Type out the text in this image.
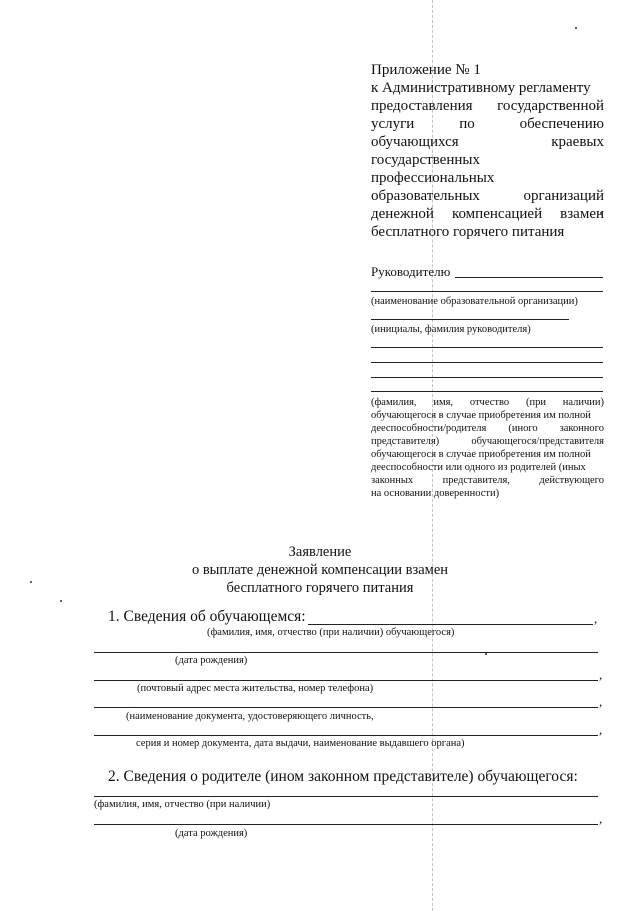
Приложение № 1
к Административному регламенту
предоставления государственной
услуги	по	обеспечению
обучающихся	краевых
государственных
профессиональных
образовательных	организаций
денежной компенсацией взамен
бесплатного горячего питания
Руководителю
(наименование образовательной организации)
(инициалы, фамилия руководителя)
(фамилия, имя, отчество (при наличии)
обучающегося в случае приобретения им полной
дееспособности/родителя (иного законного
представителя)	обучающегося/представителя
обучающегося в случае приобретения им полной
дееспособности или одного из родителей (иных
законных	представителя,	действующего
на основании доверенности)
Заявление
о выплате денежной компенсации взамен
бесплатного горячего питания
1. Сведения об обучающемся:	,
(фамилия, имя, отчество (при наличии) обучающегося)
(дата рождения)
,
(почтовый адрес места жительства, номер телефона)
,
(наименование документа, удостоверяющего личность,
,
серия и номер документа, дата выдачи, наименование выдавшего органа)
2. Сведения о родителе (ином законном представителе) обучающегося:
(фамилия, имя, отчество (при наличии)
,
(дата рождения)
